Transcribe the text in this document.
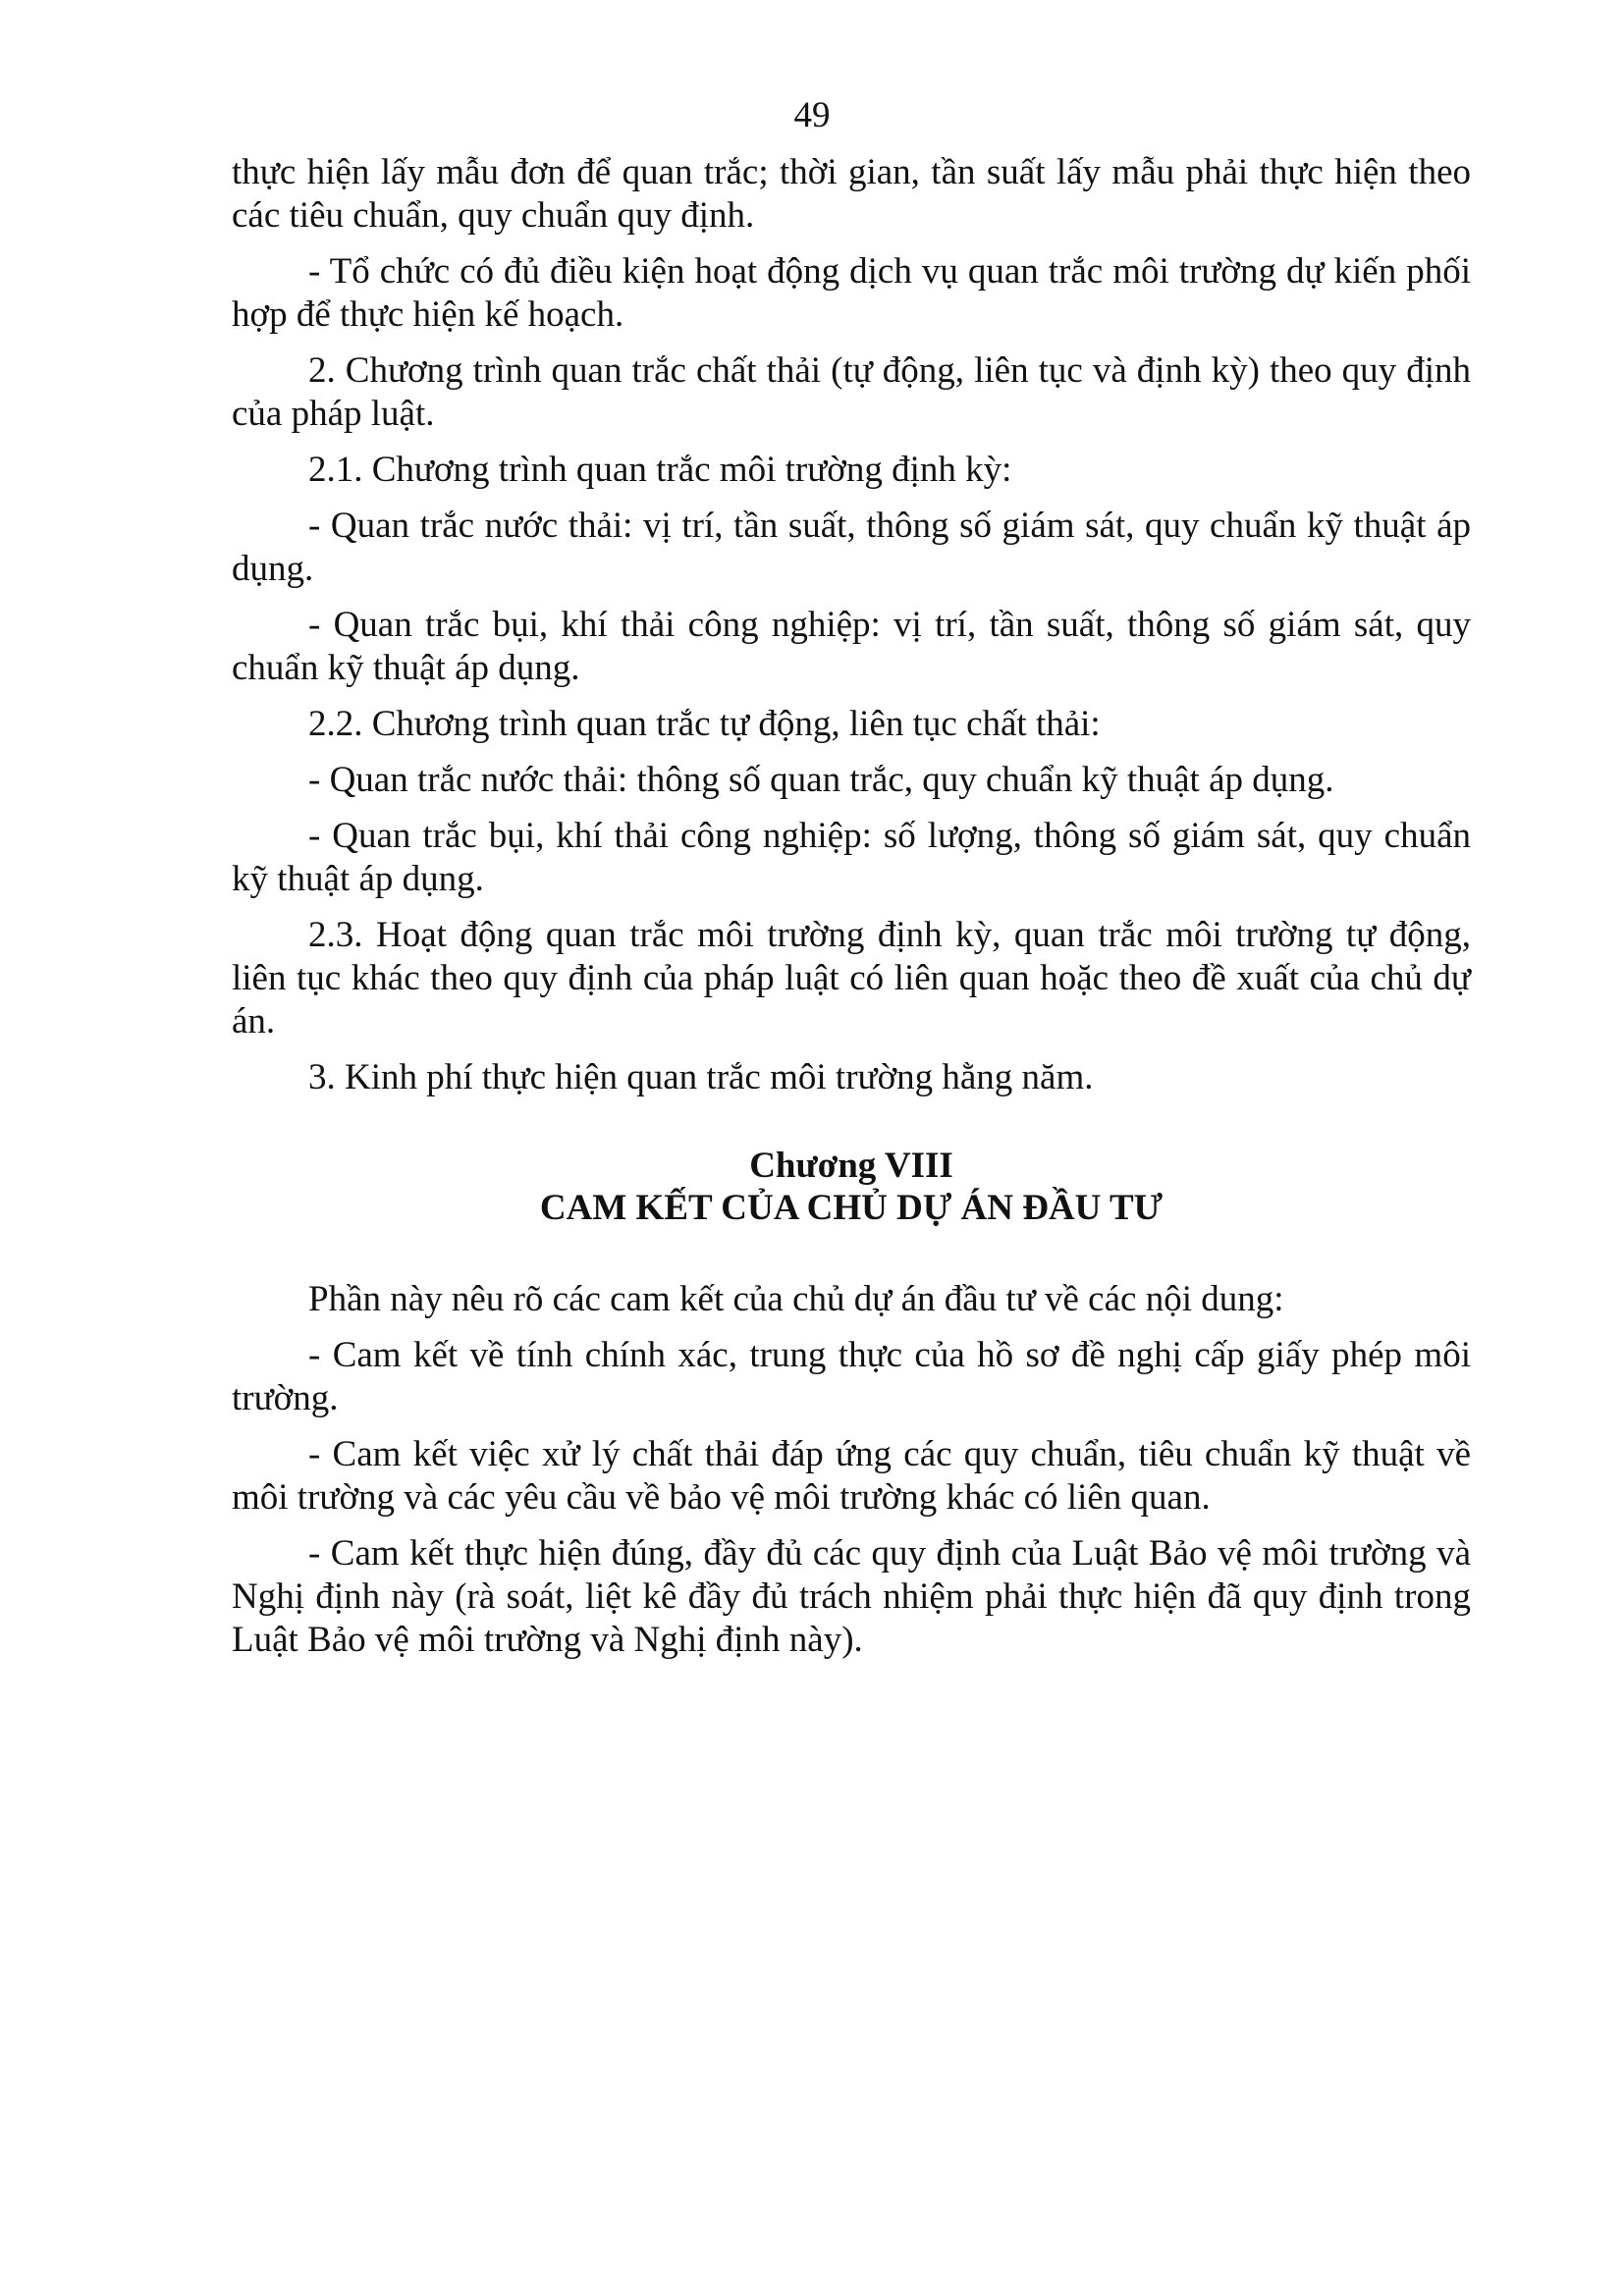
49

thực hiện lấy mẫu đơn để quan trắc; thời gian, tần suất lấy mẫu phải thực hiện theo các tiêu chuẩn, quy chuẩn quy định.

- Tổ chức có đủ điều kiện hoạt động dịch vụ quan trắc môi trường dự kiến phối hợp để thực hiện kế hoạch.

2. Chương trình quan trắc chất thải (tự động, liên tục và định kỳ) theo quy định của pháp luật.

2.1. Chương trình quan trắc môi trường định kỳ:

- Quan trắc nước thải: vị trí, tần suất, thông số giám sát, quy chuẩn kỹ thuật áp dụng.

- Quan trắc bụi, khí thải công nghiệp: vị trí, tần suất, thông số giám sát, quy chuẩn kỹ thuật áp dụng.

2.2. Chương trình quan trắc tự động, liên tục chất thải:

- Quan trắc nước thải: thông số quan trắc, quy chuẩn kỹ thuật áp dụng.

- Quan trắc bụi, khí thải công nghiệp: số lượng, thông số giám sát, quy chuẩn kỹ thuật áp dụng.

2.3. Hoạt động quan trắc môi trường định kỳ, quan trắc môi trường tự động, liên tục khác theo quy định của pháp luật có liên quan hoặc theo đề xuất của chủ dự án.

3. Kinh phí thực hiện quan trắc môi trường hằng năm.

Chương VIII
CAM KẾT CỦA CHỦ DỰ ÁN ĐẦU TƯ

Phần này nêu rõ các cam kết của chủ dự án đầu tư về các nội dung:

- Cam kết về tính chính xác, trung thực của hồ sơ đề nghị cấp giấy phép môi trường.

- Cam kết việc xử lý chất thải đáp ứng các quy chuẩn, tiêu chuẩn kỹ thuật về môi trường và các yêu cầu về bảo vệ môi trường khác có liên quan.

- Cam kết thực hiện đúng, đầy đủ các quy định của Luật Bảo vệ môi trường và Nghị định này (rà soát, liệt kê đầy đủ trách nhiệm phải thực hiện đã quy định trong Luật Bảo vệ môi trường và Nghị định này).
